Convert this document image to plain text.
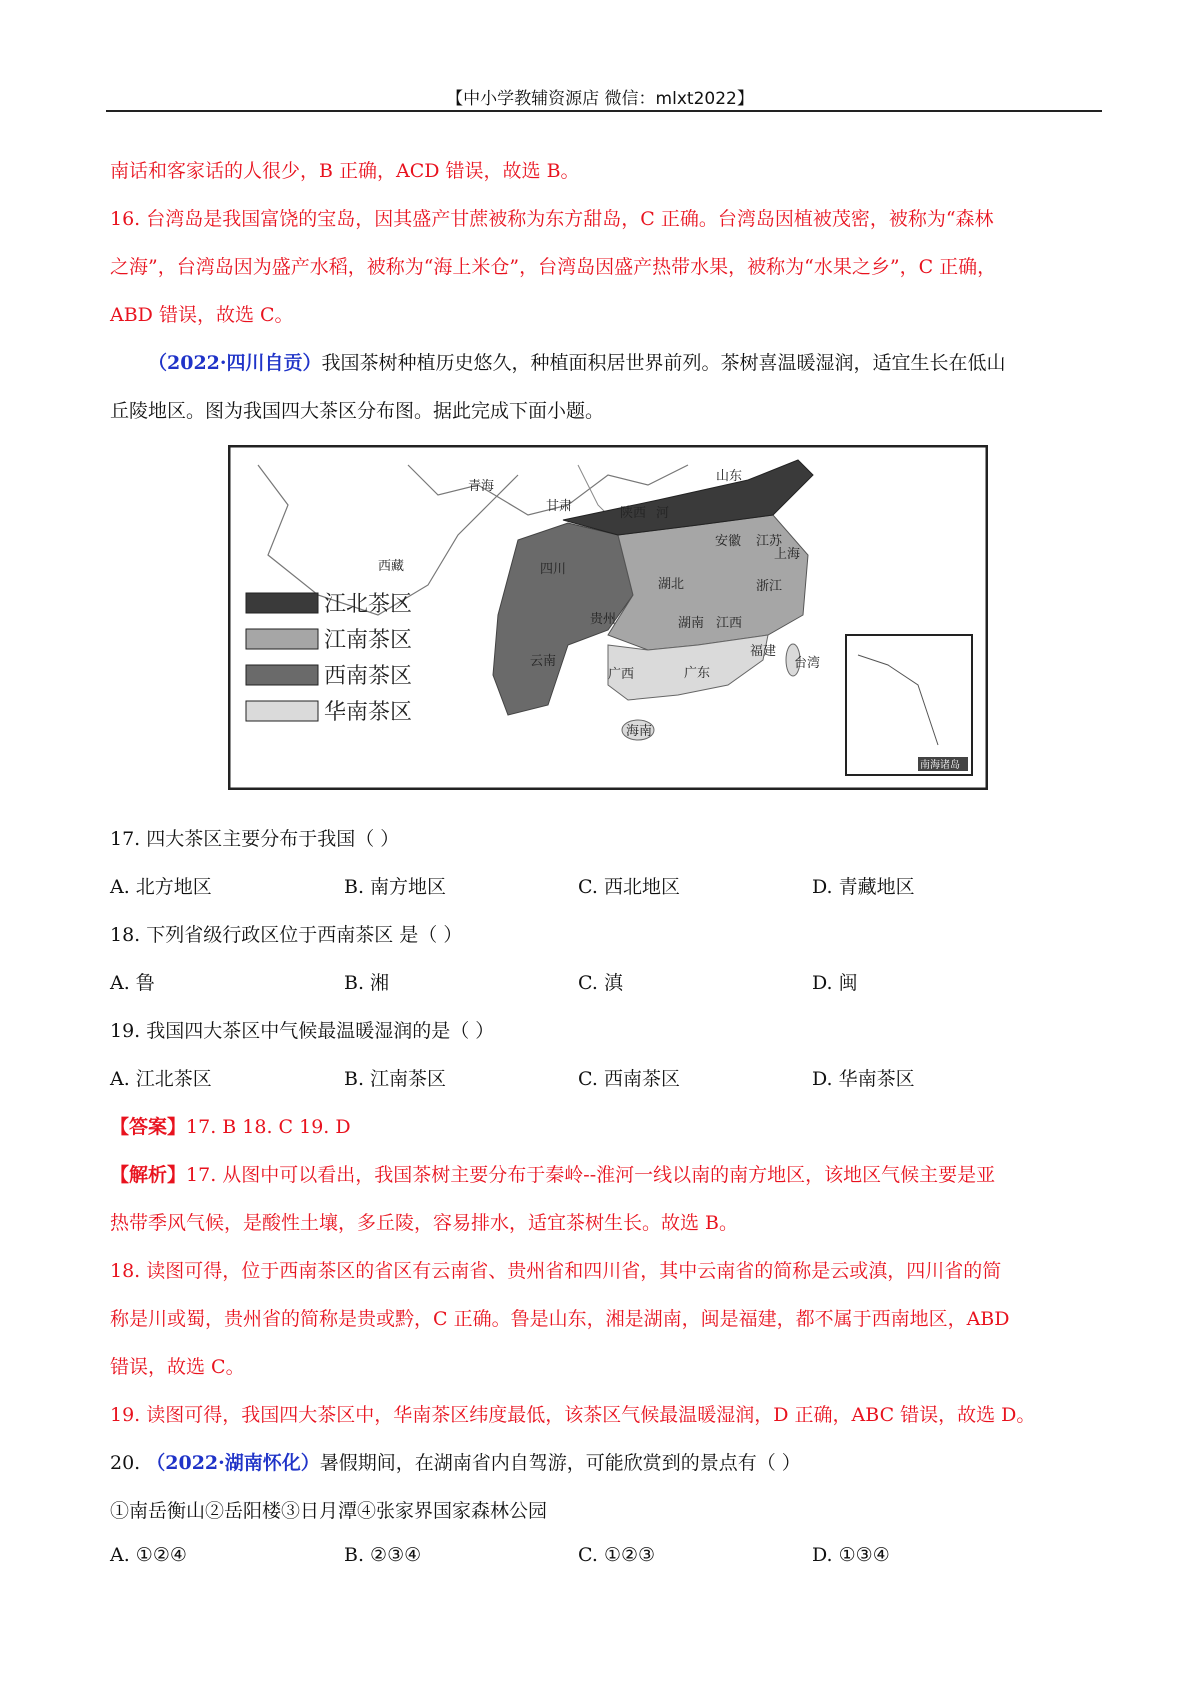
【中小学教辅资源店 微信：mlxt2022】
南话和客家话的人很少，B 正确，ACD 错误，故选 B。
16. 台湾岛是我国富饶的宝岛，因其盛产甘蔗被称为东方甜岛，C 正确。台湾岛因植被茂密，被称为“森林
之海”，台湾岛因为盛产水稻，被称为“海上米仓”，台湾岛因盛产热带水果，被称为“水果之乡”，C 正确，
ABD 错误，故选 C。
（2022·四川自贡）我国茶树种植历史悠久，种植面积居世界前列。茶树喜温暖湿润，适宜生长在低山
丘陵地区。图为我国四大茶区分布图。据此完成下面小题。
江北茶区
江南茶区
西南茶区
华南茶区
青海
甘肃	陕西 河
山东
西藏	四川
湖北
安徽 江苏
上海
浙江
湖南 江西
贵州
云南
福建
广西	广东
台湾
海南
南海诸岛
17. 四大茶区主要分布于我国（ ）
A. 北方地区	B. 南方地区	C. 西北地区	D. 青藏地区
18. 下列省级行政区位于西南茶区 是（ ）
A. 鲁	B. 湘	C. 滇	D. 闽
19. 我国四大茶区中气候最温暖湿润的是（ ）
A. 江北茶区	B. 江南茶区	C. 西南茶区	D. 华南茶区
【答案】17. B 18. C 19. D
【解析】17. 从图中可以看出，我国茶树主要分布于秦岭--淮河一线以南的南方地区，该地区气候主要是亚
热带季风气候，是酸性土壤，多丘陵，容易排水，适宜茶树生长。故选 B。
18. 读图可得，位于西南茶区的省区有云南省、贵州省和四川省，其中云南省的简称是云或滇，四川省的简
称是川或蜀，贵州省的简称是贵或黔，C 正确。鲁是山东，湘是湖南，闽是福建，都不属于西南地区，ABD
错误，故选 C。
19. 读图可得，我国四大茶区中，华南茶区纬度最低，该茶区气候最温暖湿润，D 正确，ABC 错误，故选 D。
20. （2022·湖南怀化）暑假期间，在湖南省内自驾游，可能欣赏到的景点有（ ）
①南岳衡山②岳阳楼③日月潭④张家界国家森林公园
A. ①②④	B. ②③④	C. ①②③	D. ①③④
